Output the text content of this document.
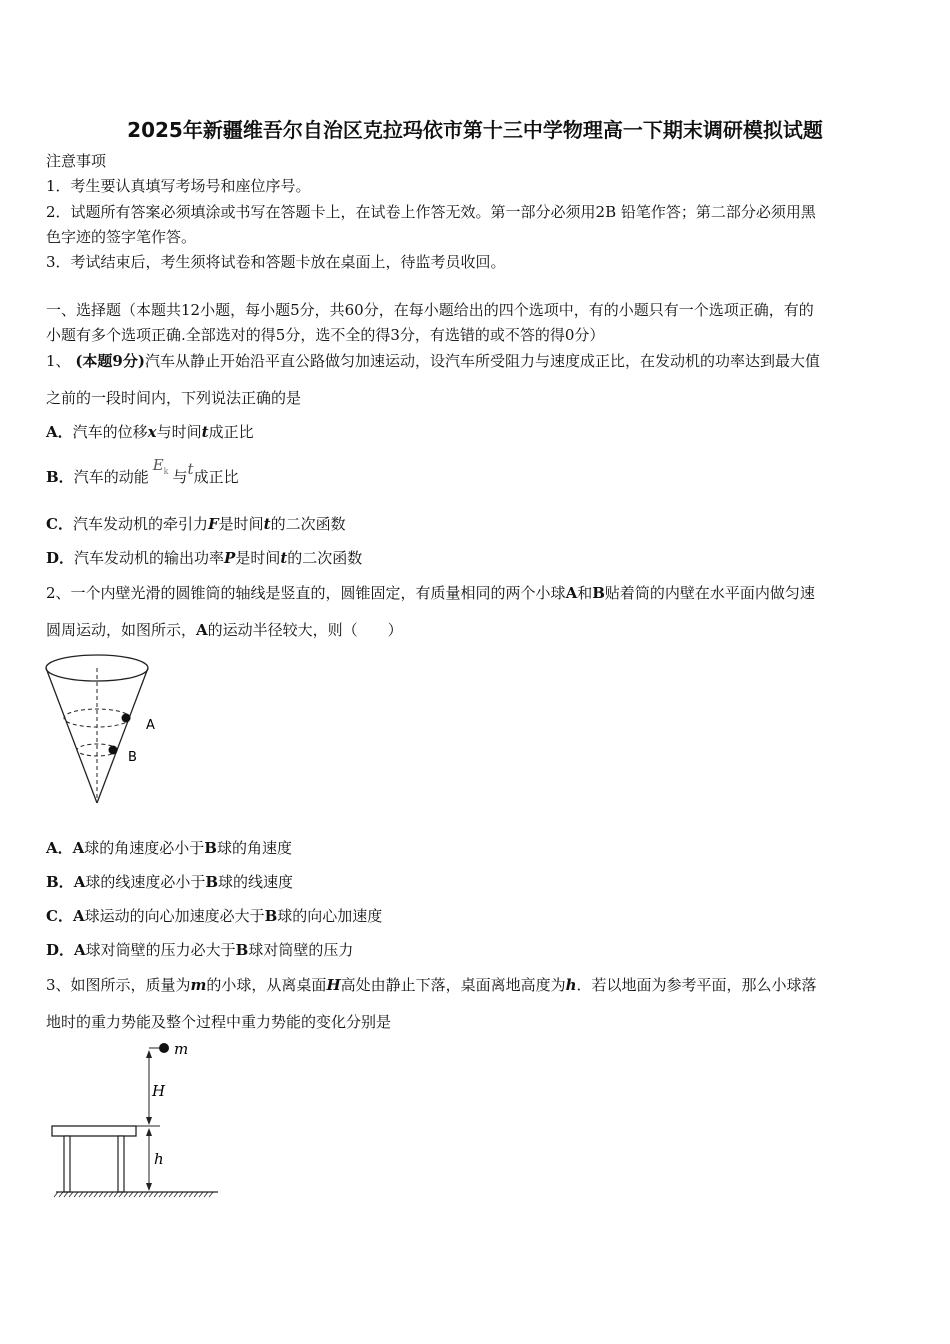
2025年新疆维吾尔自治区克拉玛依市第十三中学物理高一下期末调研模拟试题
注意事项
1．考生要认真填写考场号和座位序号。
2．试题所有答案必须填涂或书写在答题卡上，在试卷上作答无效。第一部分必须用2B 铅笔作答；第二部分必须用黑
色字迹的签字笔作答。
3．考试结束后，考生须将试卷和答题卡放在桌面上，待监考员收回。
一、选择题（本题共12小题，每小题5分，共60分，在每小题给出的四个选项中，有的小题只有一个选项正确，有的
小题有多个选项正确.全部选对的得5分，选不全的得3分，有选错的或不答的得0分）
1、 (本题9分)汽车从静止开始沿平直公路做匀加速运动，设汽车所受阻力与速度成正比，在发动机的功率达到最大值
之前的一段时间内，下列说法正确的是
A．汽车的位移x与时间t成正比
B．汽车的动能$E^k$ 与t成正比
C．汽车发动机的牵引力F是时间t的二次函数
D．汽车发动机的输出功率P是时间t的二次函数
2、一个内壁光滑的圆锥筒的轴线是竖直的，圆锥固定，有质量相同的两个小球A和B贴着筒的内壁在水平面内做匀速
圆周运动，如图所示，A的运动半径较大，则（　　）
A
B
A．A球的角速度必小于B球的角速度
B．A球的线速度必小于B球的线速度
C．A球运动的向心加速度必大于B球的向心加速度
D．A球对筒壁的压力必大于B球对筒壁的压力
3、如图所示，质量为m的小球，从离桌面H高处由静止下落，桌面离地高度为h．若以地面为参考平面，那么小球落
地时的重力势能及整个过程中重力势能的变化分别是
m
H
h
